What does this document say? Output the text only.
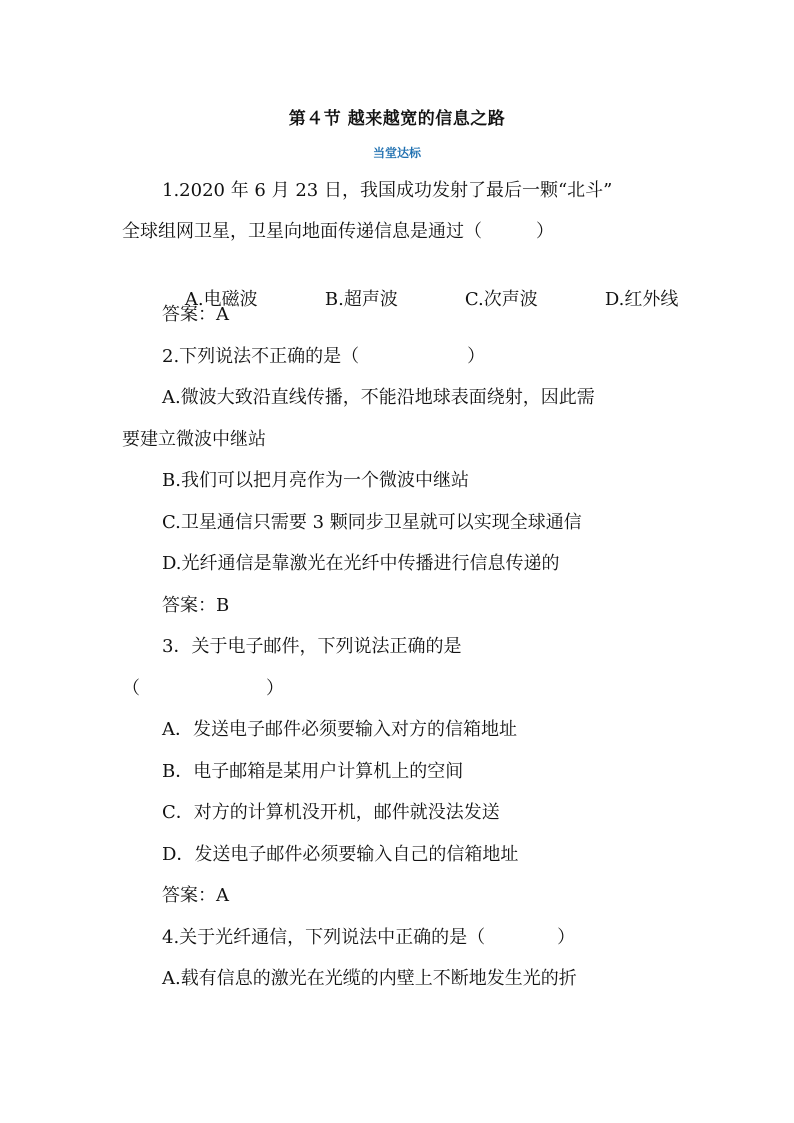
第４节 越来越宽的信息之路
当堂达标
1.2020 年 6 月 23 日，我国成功发射了最后一颗“北斗”
全球组网卫星，卫星向地面传递信息是通过（　　　）

A.电磁波	B.超声波	C.次声波	D.红外线

答案：A
2.下列说法不正确的是（　　　　　　）
A.微波大致沿直线传播，不能沿地球表面绕射，因此需
要建立微波中继站
B.我们可以把月亮作为一个微波中继站
C.卫星通信只需要 3 颗同步卫星就可以实现全球通信
D.光纤通信是靠激光在光纤中传播进行信息传递的
答案：B
3．关于电子邮件，下列说法正确的是
（　　　　　　　）
A．发送电子邮件必须要输入对方的信箱地址
B．电子邮箱是某用户计算机上的空间
C．对方的计算机没开机，邮件就没法发送
D．发送电子邮件必须要输入自己的信箱地址
答案：A
4.关于光纤通信，下列说法中正确的是（　　　　）
A.载有信息的激光在光缆的内壁上不断地发生光的折
